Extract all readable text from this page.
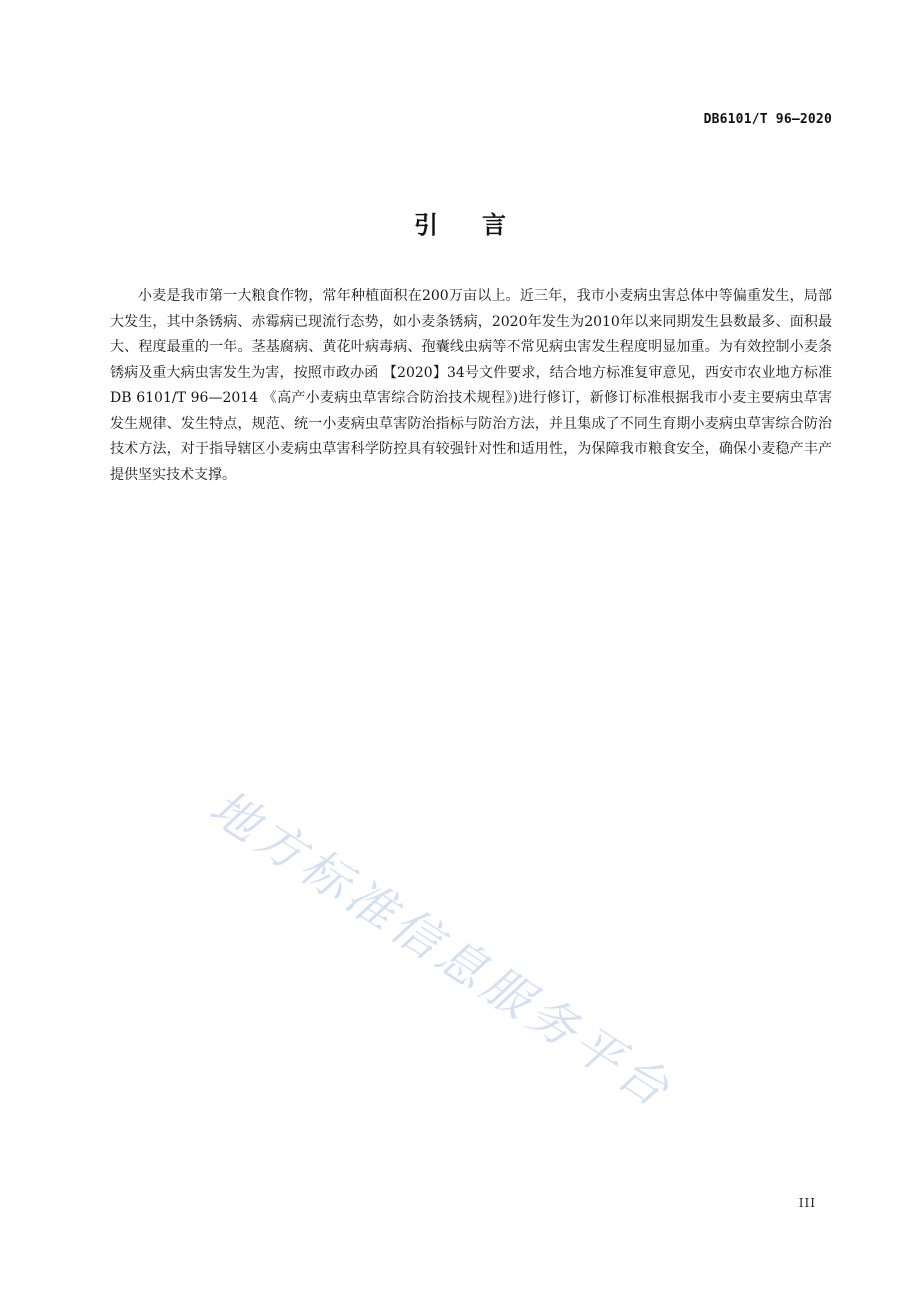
DB6101/T 96—2020
引言

小麦是我市第一大粮食作物，常年种植面积在200万亩以上。近三年，我市小麦病虫害总体中等偏重发生，局部大发生，其中条锈病、赤霉病已现流行态势，如小麦条锈病，2020年发生为2010年以来同期发生县数最多、面积最大、程度最重的一年。茎基腐病、黄花叶病毒病、孢囊线虫病等不常见病虫害发生程度明显加重。为有效控制小麦条锈病及重大病虫害发生为害，按照市政办函 【2020】34号文件要求，结合地方标准复审意见，西安市农业地方标准DB 6101/T 96—2014 《高产小麦病虫草害综合防治技术规程》)进行修订，新修订标准根据我市小麦主要病虫草害发生规律、发生特点，规范、统一小麦病虫草害防治指标与防治方法，并且集成了不同生育期小麦病虫草害综合防治技术方法，对于指导辖区小麦病虫草害科学防控具有较强针对性和适用性，为保障我市粮食安全，确保小麦稳产丰产提供坚实技术支撑。

地方标准信息服务平台
III
